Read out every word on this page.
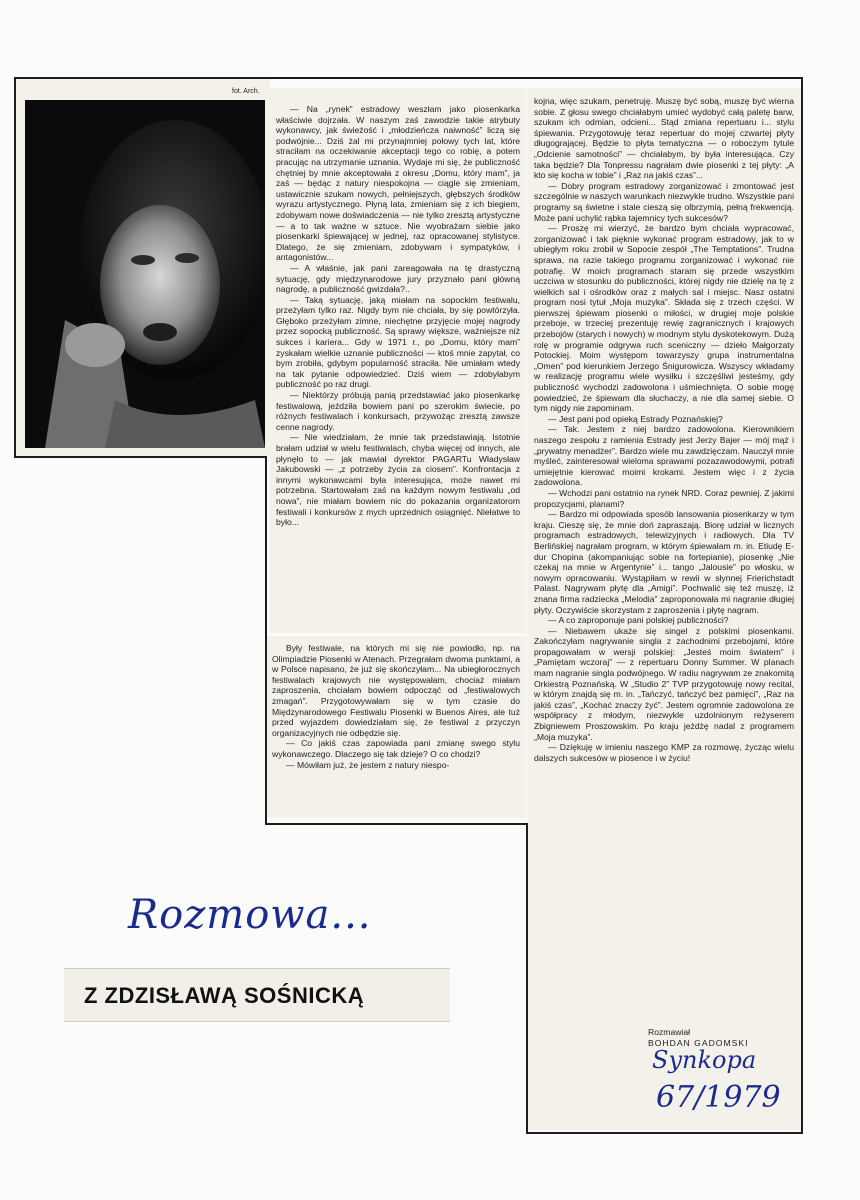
fot. Arch.

— Na „rynek” estradowy weszłam jako piosenkarka właściwie dojrzała. W naszym zaś zawodzie takie atrybuty wykonawcy, jak świeżość i „młodzieńcza naiwność” liczą się podwójnie... Dziś żal mi przynajmniej połowy tych lat, które straciłam na oczekiwanie akceptacji tego co robię, a potem pracując na utrzymanie uznania. Wydaje mi się, że publiczność chętniej by mnie akceptowała z okresu „Domu, który mam”, ja zaś — będąc z natury niespokojna — ciągle się zmieniam, ustawicznie szukam nowych, pełniejszych, głębszych środków wyrazu artystycznego. Płyną lata, zmieniam się z ich biegiem, zdobywam nowe doświadczenia — nie tylko zresztą artystyczne — a to tak ważne w sztuce. Nie wyobrażam siebie jako piosenkarki śpiewającej w jednej, raz opracowanej stylistyce. Dlatego, że się zmieniam, zdobywam i sympatyków, i antagonistów...

— A właśnie, jak pani zareagowała na tę drastyczną sytuację, gdy międzynarodowe jury przyznało pani główną nagrodę, a publiczność gwizdała?..

— Taką sytuację, jaką miałam na sopockim festiwalu, przeżyłam tylko raz. Nigdy bym nie chciała, by się powtórzyła. Głęboko przeżyłam zimne, niechętne przyjęcie mojej nagrody przez sopocką publiczność. Są sprawy większe, ważniejsze niż sukces i kariera... Gdy w 1971 r., po „Domu, który mam” zyskałam wielkie uznanie publiczności — ktoś mnie zapytał, co bym zrobiła, gdybym popularność straciła. Nie umiałam wtedy na tak pytanie odpowiedzieć. Dziś wiem — zdobyłabym publiczność po raz drugi.

— Niektórzy próbują panią przedstawiać jako piosenkarkę festiwalową, jeździła bowiem pani po szerokim świecie, po różnych festiwalach i konkursach, przywożąc zresztą zawsze cenne nagrody.

— Nie wiedziałam, że mnie tak przedstawiają. Istotnie brałam udział w wielu festiwalach, chyba więcej od innych, ale płynęło to — jak mawiał dyrektor PAGARTu Władysław Jakubowski — „z potrzeby życia za ciosem”. Konfrontacja z innymi wykonawcami była interesująca, może nawet mi potrzebna. Startowałam zaś na każdym nowym festiwalu „od nowa”, nie miałam bowiem nic do pokazania organizatorom festiwali i konkursów z mych uprzednich osiągnięć. Niełatwe to było...

Były festiwale, na których mi się nie powiodło, np. na Olimpiadzie Piosenki w Atenach. Przegrałam dwoma punktami, a w Polsce napisano, że już się skończyłam... Na ubiegłorocznych festiwalach krajowych nie występowałam, chociaż miałam zaproszenia, chciałam bowiem odpocząć od „festiwalowych zmagań”. Przygotowywałam się w tym czasie do Międzynarodowego Festiwalu Piosenki w Buenos Aires, ale tuż przed wyjazdem dowiedziałam się, że festiwal z przyczyn organizacyjnych nie odbędzie się.

— Co jakiś czas zapowiada pani zmianę swego stylu wykonawczego. Dlaczego się tak dzieje? O co chodzi?

— Mówiłam już, że jestem z natury niespo-

kojna, więc szukam, penetruję. Muszę być sobą, muszę być wierna sobie. Z głosu swego chciałabym umieć wydobyć całą paletę barw, szukam ich odmian, odcieni... Stąd zmiana repertuaru i... stylu śpiewania. Przygotowuję teraz repertuar do mojej czwartej płyty długogrającej. Będzie to płyta tematyczna — o roboczym tytule „Odcienie samotności” — chciałabym, by była interesująca. Czy taka będzie? Dla Tonpressu nagrałam dwie piosenki z tej płyty: „A kto się kocha w tobie” i „Raz na jakiś czas”...

— Dobry program estradowy zorganizować i zmontować jest szczególnie w naszych warunkach niezwykle trudno. Wszystkie pani programy są świetne i stale cieszą się olbrzymią, pełną frekwencją. Może pani uchylić rąbka tajemnicy tych sukcesów?

— Proszę mi wierzyć, że bardzo bym chciała wypracować, zorganizować i tak pięknie wykonać program estradowy, jak to w ubiegłym roku zrobił w Sopocie zespół „The Temptations”. Trudna sprawa, na razie takiego programu zorganizować i wykonać nie potrafię. W moich programach staram się przede wszystkim uczciwa w stosunku do publiczności, której nigdy nie dzielę na tę z wielkich sal i ośrodków oraz z małych sal i miejsc. Nasz ostatni program nosi tytuł „Moja muzyka”. Składa się z trzech części. W pierwszej śpiewam piosenki o miłości, w drugiej moje polskie przeboje, w trzeciej prezentuję rewię zagranicznych i krajowych przebojów (starych i nowych) w modnym stylu dyskotekowym. Dużą rolę w programie odgrywa ruch sceniczny — dzieło Małgorzaty Potockiej. Moim występom towarzyszy grupa instrumentalna „Omen” pod kierunkiem Jerzego Śnigurowicza. Wszyscy wkładamy w realizację programu wiele wysiłku i szczęśliwi jesteśmy, gdy publiczność wychodzi zadowolona i uśmiechnięta. O sobie mogę powiedzieć, że śpiewam dla słuchaczy, a nie dla samej siebie. O tym nigdy nie zapominam.

— Jest pani pod opieką Estrady Poznańskiej?

— Tak. Jestem z niej bardzo zadowolona. Kierownikiem naszego zespołu z ramienia Estrady jest Jerzy Bajer — mój mąż i „prywatny menadżer”. Bardzo wiele mu zawdzięczam. Nauczył mnie myśleć, zainteresował wieloma sprawami pozazawodowymi, potrafi umiejętnie kierować moimi krokami. Jestem więc i z życia zadowolona.

— Wchodzi pani ostatnio na rynek NRD. Coraz pewniej. Z jakimi propozycjami, planami?

— Bardzo mi odpowiada sposób lansowania piosenkarzy w tym kraju. Cieszę się, że mnie doń zapraszają. Biorę udział w licznych programach estradowych, telewizyjnych i radiowych. Dla TV Berlińskiej nagrałam program, w którym śpiewałam m. in. Etiudę E-dur Chopina (akompaniując sobie na fortepianie), piosenkę „Nie czekaj na mnie w Argentynie” i... tango „Jalousie” po włosku, w nowym opracowaniu. Wystąpiłam w rewii w słynnej Frierichstadt Palast. Nagrywam płytę dla „Amigi”. Pochwalić się też muszę, iż znana firma radziecka „Melodia” zaproponowała mi nagranie długiej płyty. Oczywiście skorzystam z zaproszenia i płytę nagram.

— A co zaproponuje pani polskiej publiczności?

— Niebawem ukaże się singel z polskimi piosenkami. Zakończyłam nagrywanie singla z zachodnimi przebojami, które propagowałam w wersji polskiej: „Jesteś moim światem” i „Pamiętam wczoraj” — z repertuaru Donny Summer. W planach mam nagranie singla podwójnego. W radiu nagrywam ze znakomitą Orkiestrą Poznańską. W „Studio 2” TVP przygotowuję nowy recital, w którym znajdą się m. in. „Tańczyć, tańczyć bez pamięci”, „Raz na jakiś czas”, „Kochać znaczy żyć”. Jestem ogromnie zadowolona ze współpracy z młodym, niezwykle uzdolnionym reżyserem Zbigniewem Proszowskim. Po kraju jeżdżę nadal z programem „Moja muzyka”.

— Dziękuję w imieniu naszego KMP za rozmowę, życząc wielu dalszych sukcesów w piosence i w życiu!

Rozmawiał
BOHDAN GADOMSKI
Synkopa
67/1979
Rozmowa...
Z ZDZISŁAWĄ SOŚNICKĄ
